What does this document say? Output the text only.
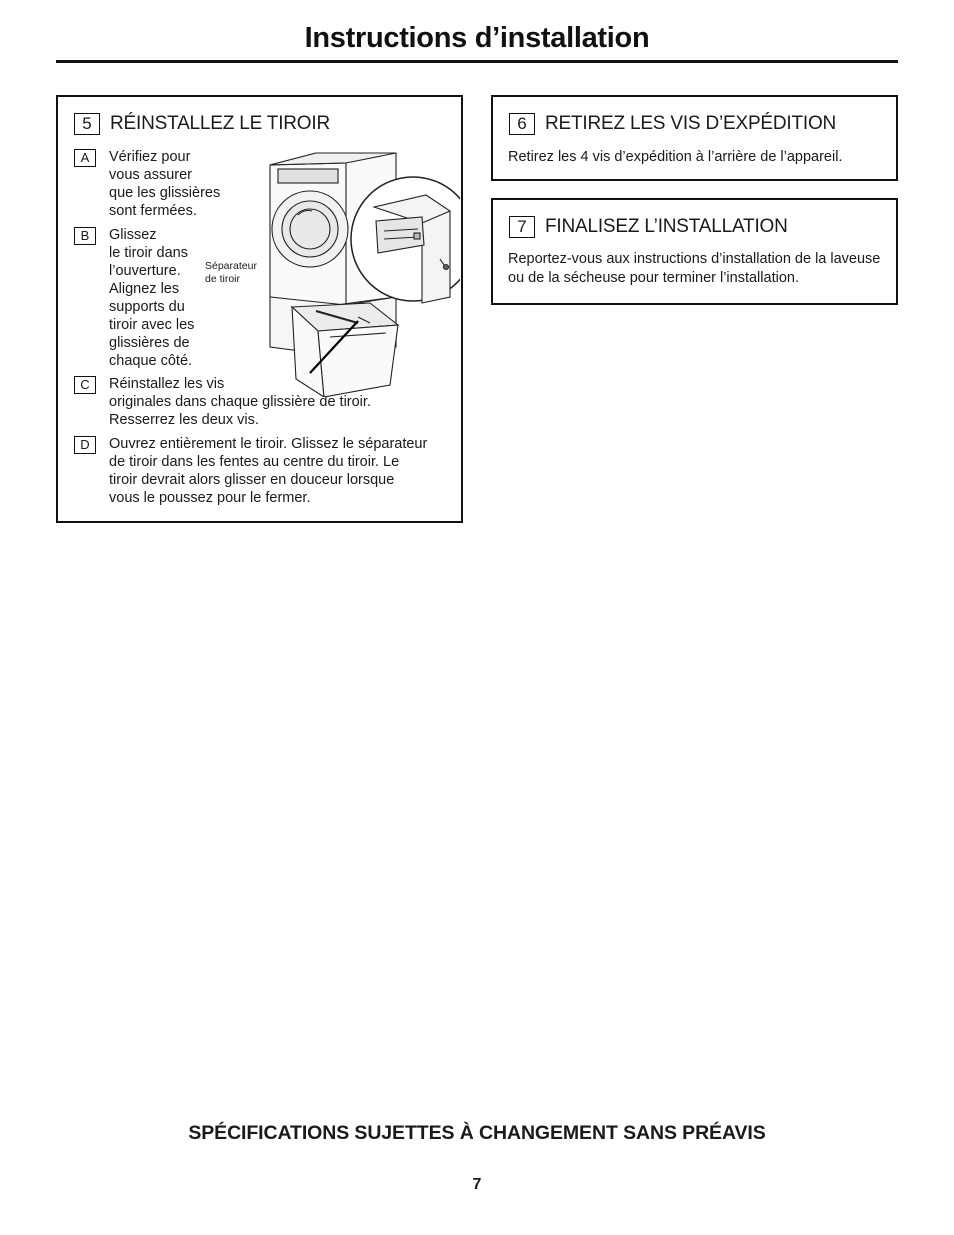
Instructions d’installation
5 RÉINSTALLEZ LE TIROIR
A	Vérifiez pour
vous assurer
que les glissières
sont fermées.
B	Glissez
le tiroir dans
l’ouverture.
Alignez les
supports du
tiroir avec les
glissières de
chaque côté.
C	Réinstallez les vis
originales dans chaque glissière de tiroir.
Resserrez les deux vis.
D	Ouvrez entièrement le tiroir. Glissez le séparateur
de tiroir dans les fentes au centre du tiroir. Le
tiroir devrait alors glisser en douceur lorsque
vous le poussez pour le fermer.
Séparateur
de tiroir
6 RETIREZ LES VIS D’EXPÉDITION
Retirez les 4 vis d’expédition à l’arrière de l’appareil.
7 FINALISEZ L’INSTALLATION
Reportez-vous aux instructions d’installation de la laveuse ou de la sécheuse pour terminer l’installation.
SPÉCIFICATIONS SUJETTES À CHANGEMENT SANS PRÉAVIS
7
